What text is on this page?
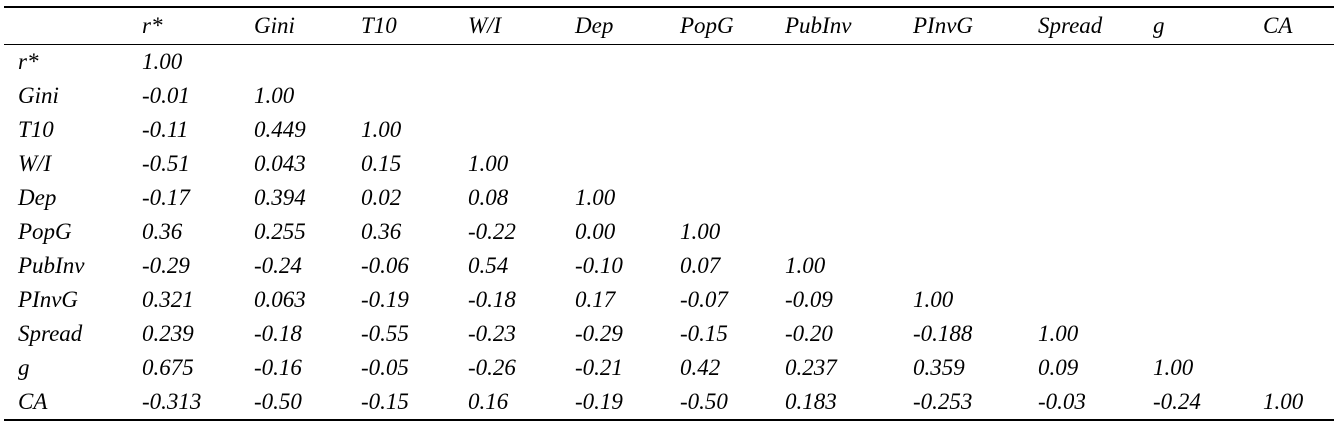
	r*	Gini	T10	W/I	Dep	PopG	PubInv	PInvG	Spread	g	CA
r*	1.00										
Gini	-0.01	1.00									
T10	-0.11	0.449	1.00								
W/I	-0.51	0.043	0.15	1.00							
Dep	-0.17	0.394	0.02	0.08	1.00						
PopG	0.36	0.255	0.36	-0.22	0.00	1.00					
PubInv	-0.29	-0.24	-0.06	0.54	-0.10	0.07	1.00				
PInvG	0.321	0.063	-0.19	-0.18	0.17	-0.07	-0.09	1.00			
Spread	0.239	-0.18	-0.55	-0.23	-0.29	-0.15	-0.20	-0.188	1.00		
g	0.675	-0.16	-0.05	-0.26	-0.21	0.42	0.237	0.359	0.09	1.00	
CA	-0.313	-0.50	-0.15	0.16	-0.19	-0.50	0.183	-0.253	-0.03	-0.24	1.00
